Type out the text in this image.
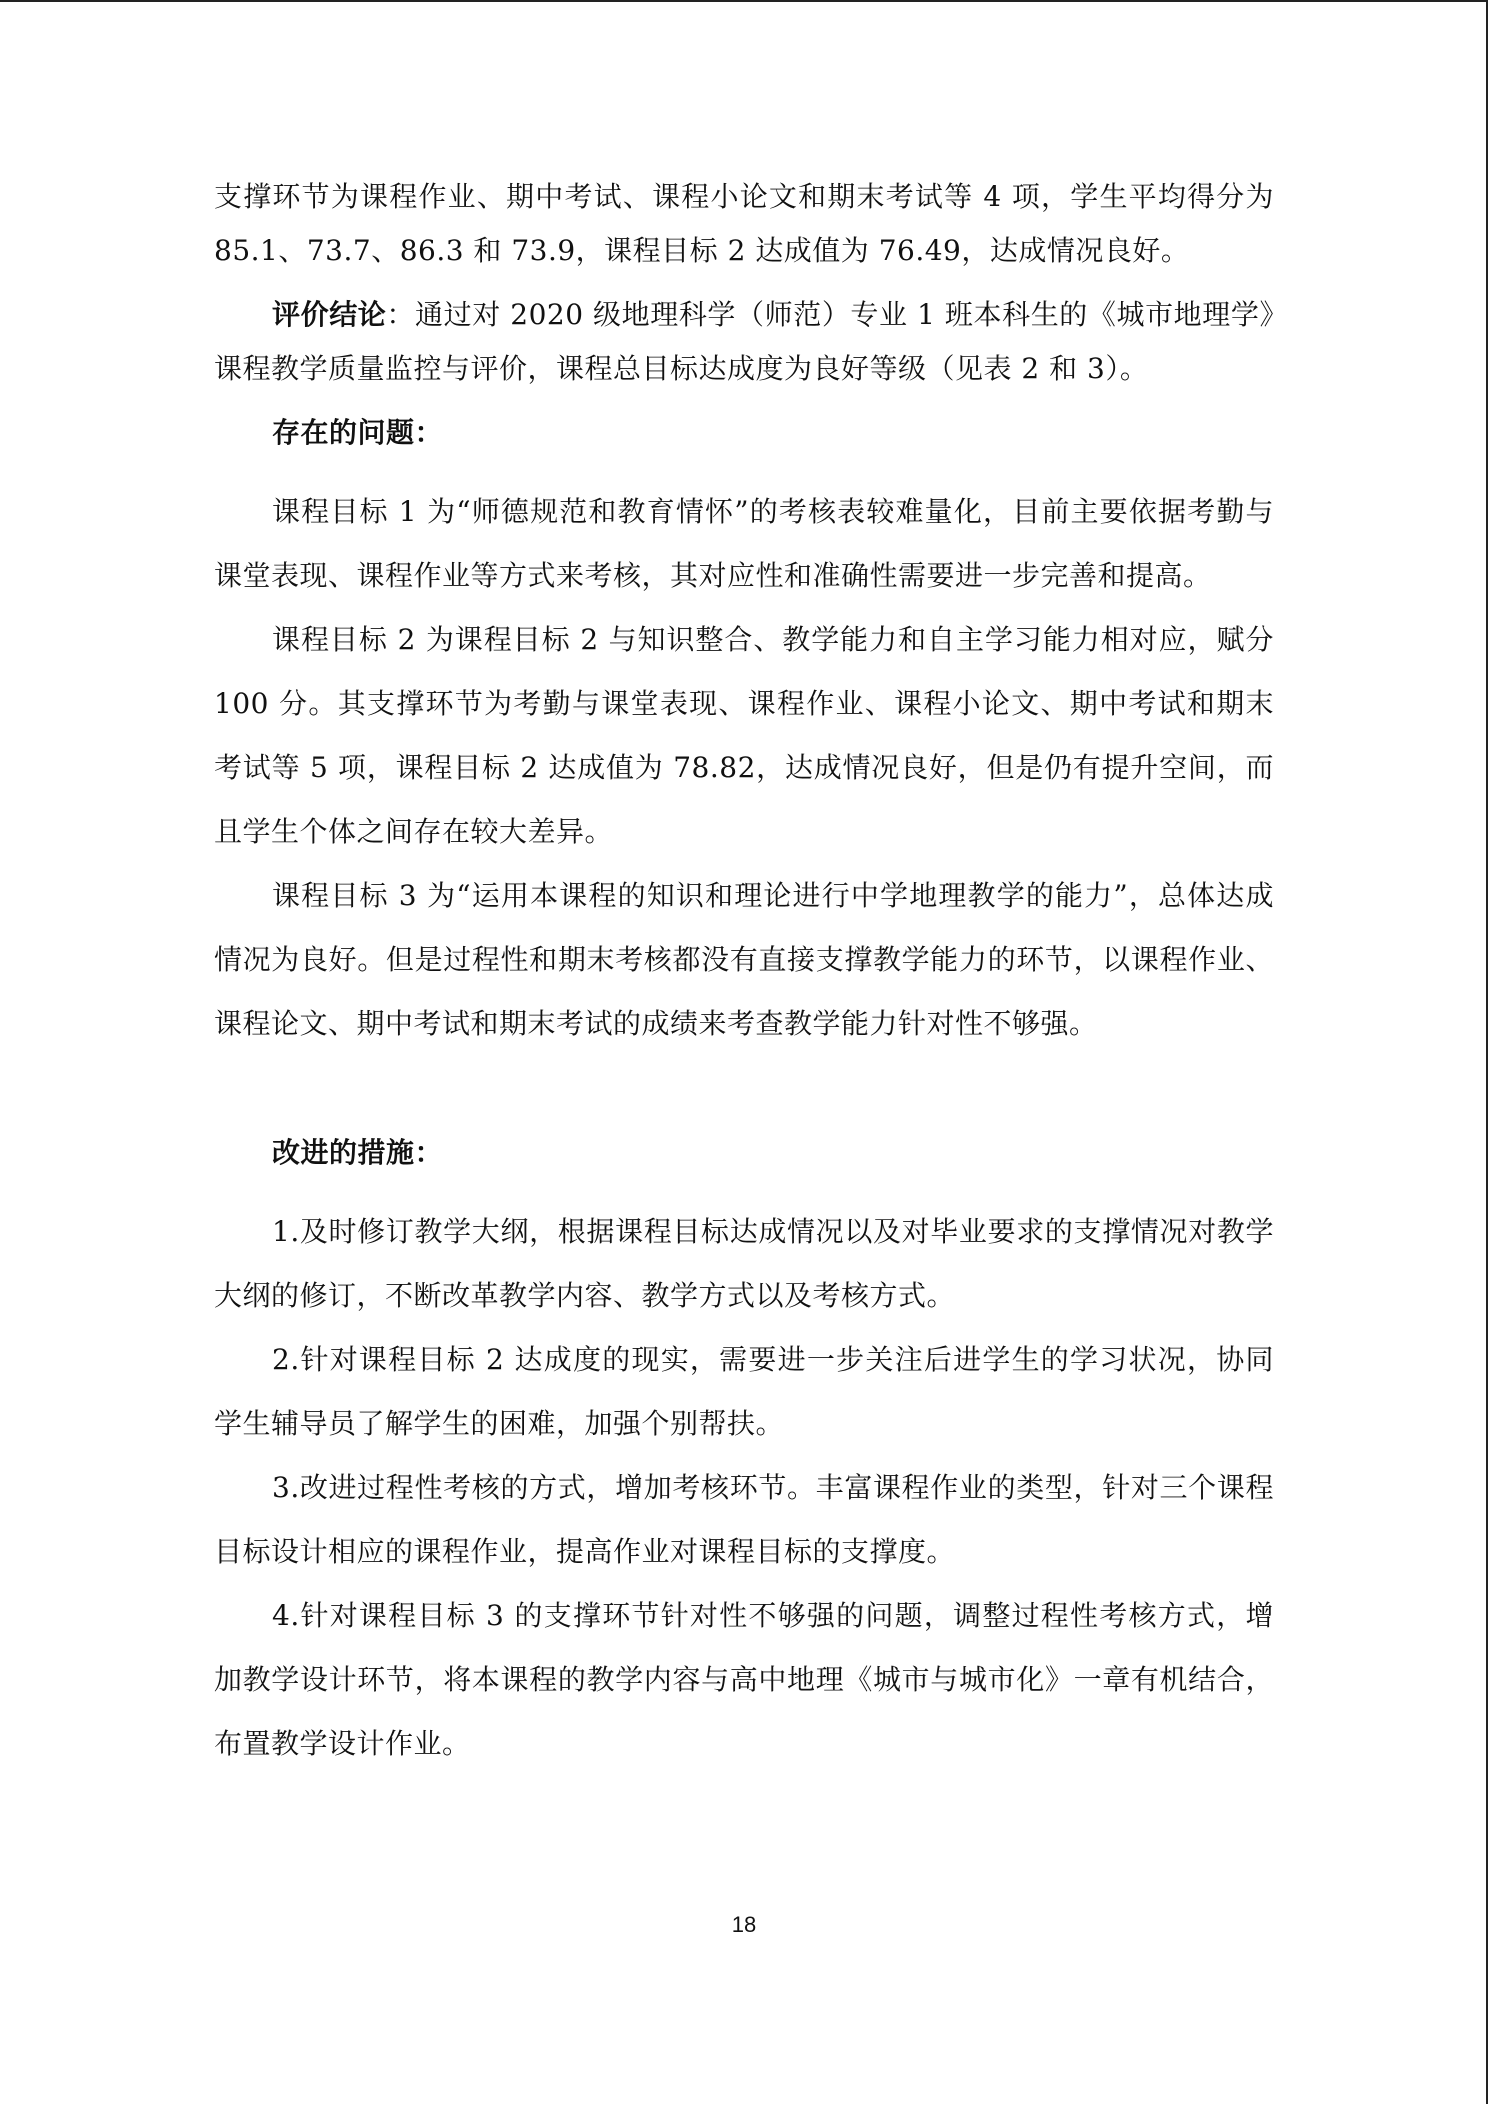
支撑环节为课程作业、期中考试、课程小论文和期末考试等 4 项，学生平均得分为 85.1、73.7、86.3 和 73.9，课程目标 2 达成值为 76.49，达成情况良好。

评价结论：通过对 2020 级地理科学（师范）专业 1 班本科生的《城市地理学》课程教学质量监控与评价，课程总目标达成度为良好等级（见表 2 和 3）。

存在的问题：

课程目标 1 为“师德规范和教育情怀”的考核表较难量化，目前主要依据考勤与课堂表现、课程作业等方式来考核，其对应性和准确性需要进一步完善和提高。

课程目标 2 为课程目标 2 与知识整合、教学能力和自主学习能力相对应，赋分 100 分。其支撑环节为考勤与课堂表现、课程作业、课程小论文、期中考试和期末考试等 5 项，课程目标 2 达成值为 78.82，达成情况良好，但是仍有提升空间，而且学生个体之间存在较大差异。

课程目标 3 为“运用本课程的知识和理论进行中学地理教学的能力”，总体达成情况为良好。但是过程性和期末考核都没有直接支撑教学能力的环节，以课程作业、课程论文、期中考试和期末考试的成绩来考查教学能力针对性不够强。

改进的措施：

1.及时修订教学大纲，根据课程目标达成情况以及对毕业要求的支撑情况对教学大纲的修订，不断改革教学内容、教学方式以及考核方式。

2.针对课程目标 2 达成度的现实，需要进一步关注后进学生的学习状况，协同学生辅导员了解学生的困难，加强个别帮扶。

3.改进过程性考核的方式，增加考核环节。丰富课程作业的类型，针对三个课程目标设计相应的课程作业，提高作业对课程目标的支撑度。

4.针对课程目标 3 的支撑环节针对性不够强的问题，调整过程性考核方式，增加教学设计环节，将本课程的教学内容与高中地理《城市与城市化》一章有机结合，布置教学设计作业。

18
